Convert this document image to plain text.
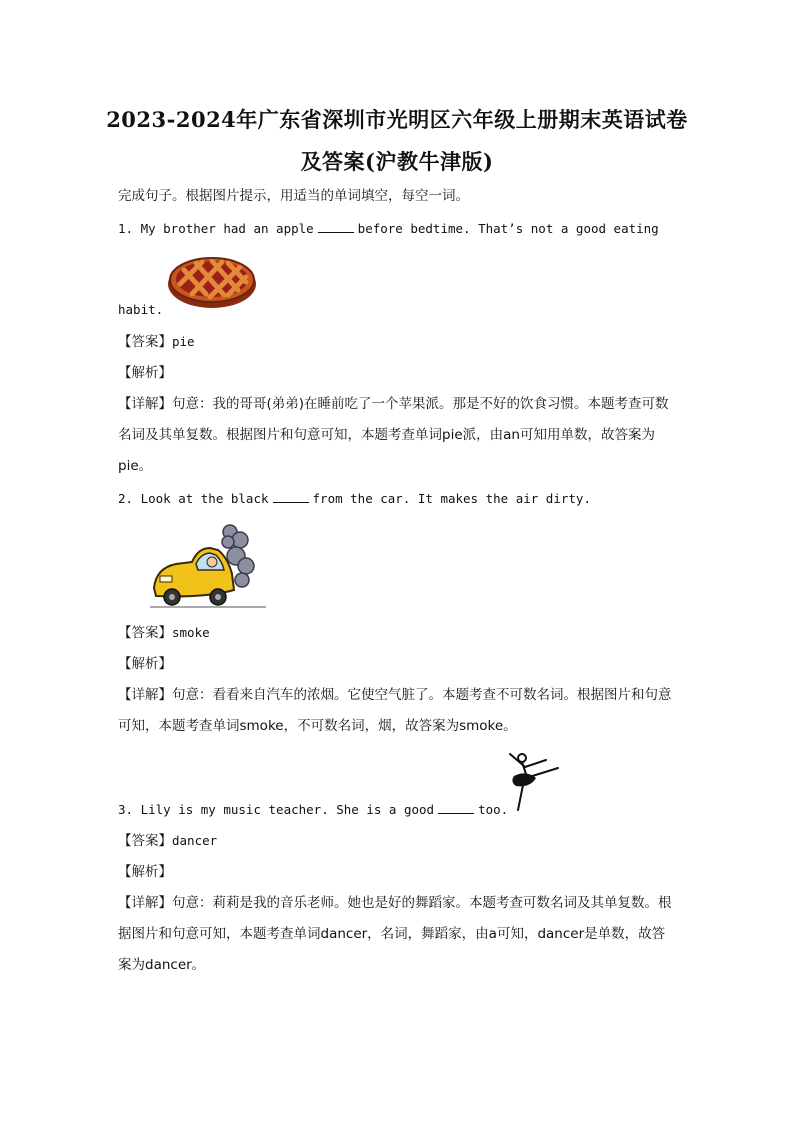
2023-2024年广东省深圳市光明区六年级上册期末英语试卷
及答案(沪教牛津版)
完成句子。根据图片提示，用适当的单词填空，每空一词。
1. My brother had an apple	before bedtime. That’s not a good eating
habit.
【答案】pie
【解析】
【详解】句意：我的哥哥(弟弟)在睡前吃了一个苹果派。那是不好的饮食习惯。本题考查可数名词及其单复数。根据图片和句意可知，本题考查单词pie派，由an可知用单数，故答案为pie。
2. Look at the black	from the car. It makes the air dirty.
【答案】smoke
【解析】
【详解】句意：看看来自汽车的浓烟。它使空气脏了。本题考查不可数名词。根据图片和句意可知，本题考查单词smoke，不可数名词，烟，故答案为smoke。
3. Lily is my music teacher. She is a good	too.
【答案】dancer
【解析】
【详解】句意：莉莉是我的音乐老师。她也是好的舞蹈家。本题考查可数名词及其单复数。根据图片和句意可知，本题考查单词dancer，名词，舞蹈家，由a可知，dancer是单数，故答案为dancer。
